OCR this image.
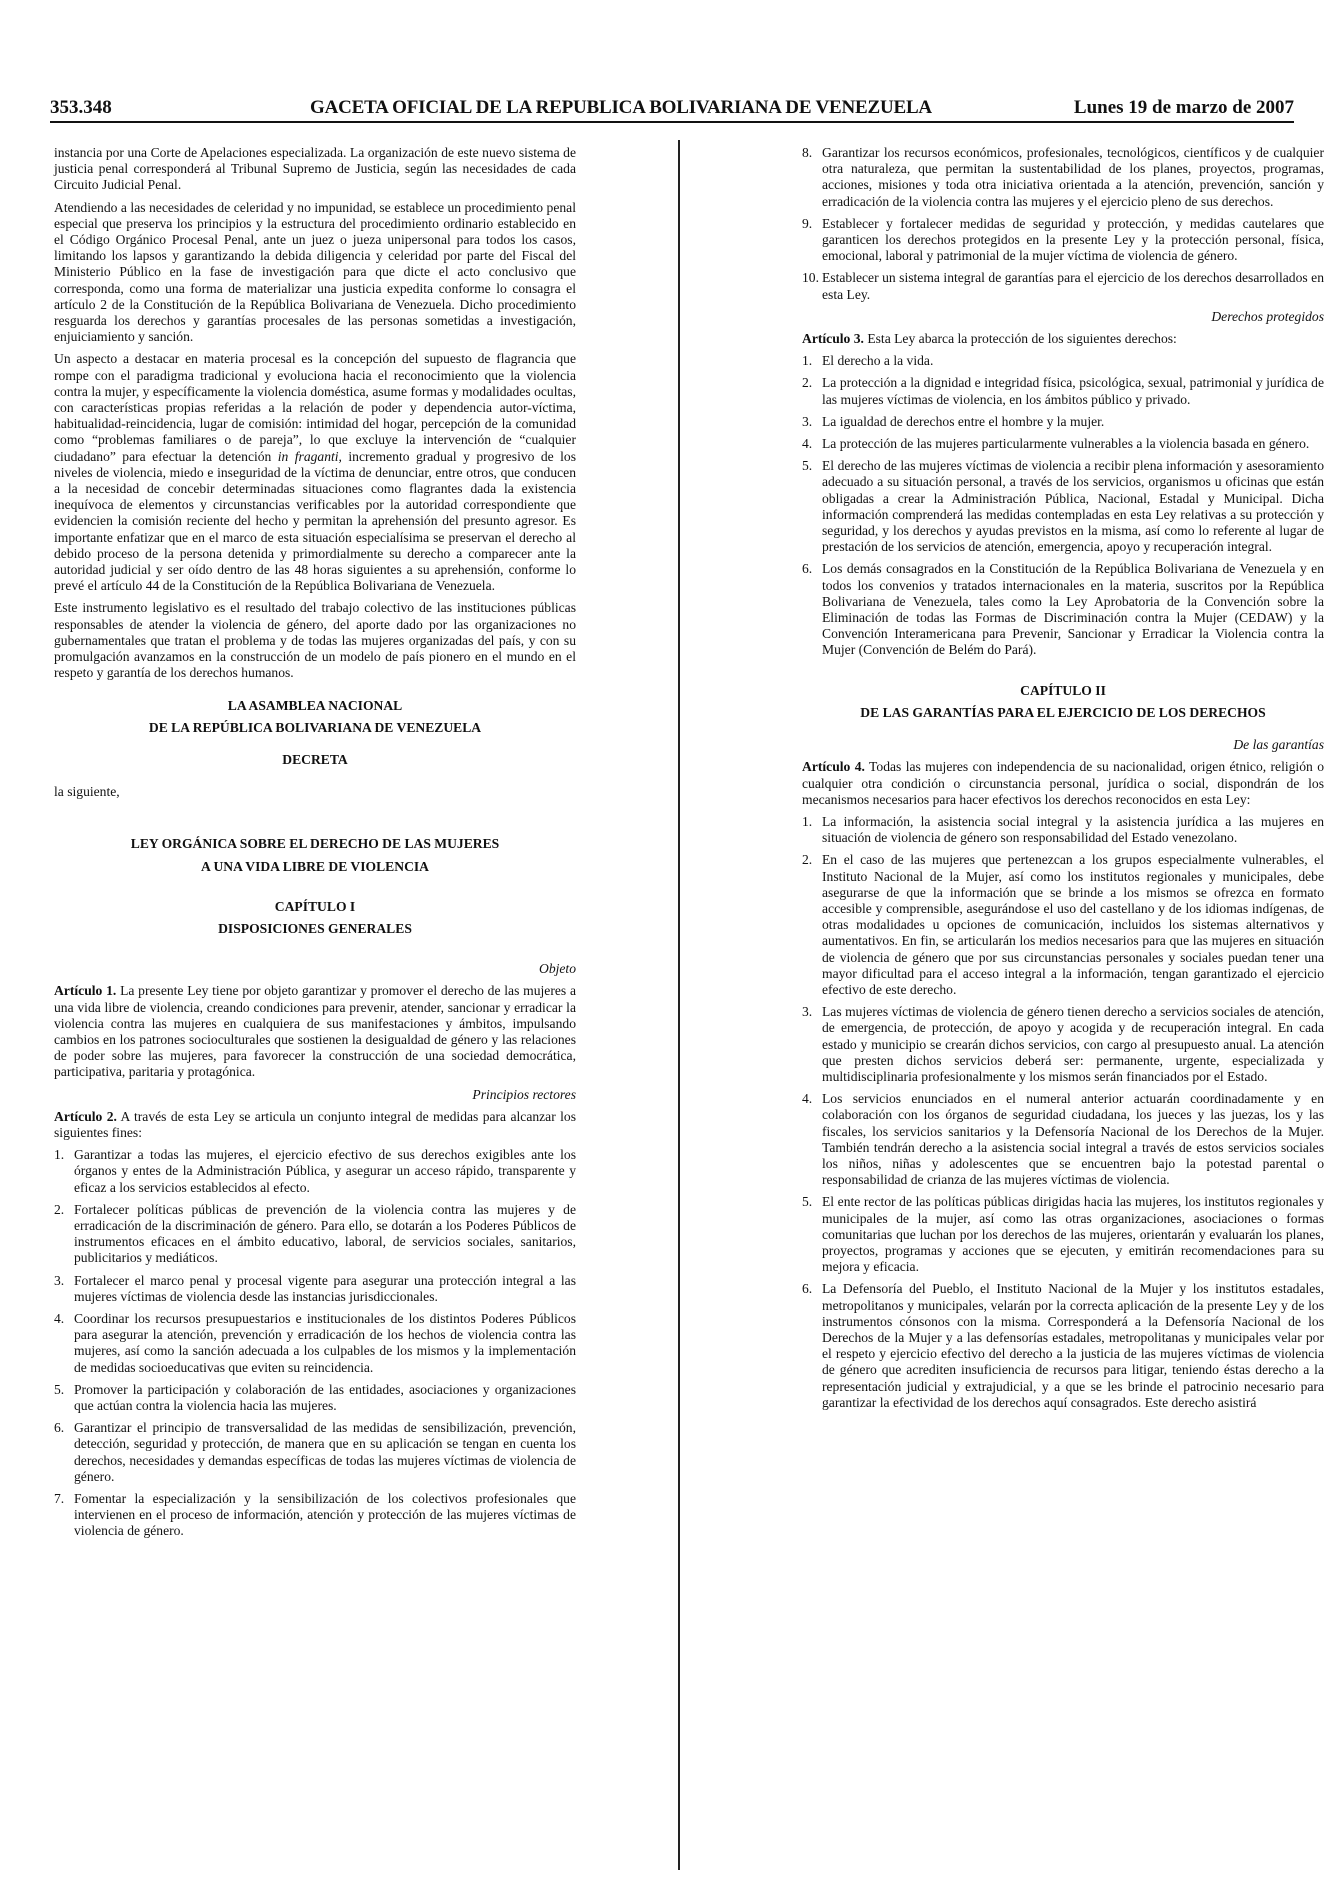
353.348	GACETA OFICIAL DE LA REPUBLICA BOLIVARIANA DE VENEZUELA	Lunes 19 de marzo de 2007

instancia por una Corte de Apelaciones especializada. La organización de este nuevo sistema de justicia penal corresponderá al Tribunal Supremo de Justicia, según las necesidades de cada Circuito Judicial Penal.

Atendiendo a las necesidades de celeridad y no impunidad, se establece un procedimiento penal especial que preserva los principios y la estructura del procedimiento ordinario establecido en el Código Orgánico Procesal Penal, ante un juez o jueza unipersonal para todos los casos, limitando los lapsos y garantizando la debida diligencia y celeridad por parte del Fiscal del Ministerio Público en la fase de investigación para que dicte el acto conclusivo que corresponda, como una forma de materializar una justicia expedita conforme lo consagra el artículo 2 de la Constitución de la República Bolivariana de Venezuela. Dicho procedimiento resguarda los derechos y garantías procesales de las personas sometidas a investigación, enjuiciamiento y sanción.

Un aspecto a destacar en materia procesal es la concepción del supuesto de flagrancia que rompe con el paradigma tradicional y evoluciona hacia el reconocimiento que la violencia contra la mujer, y específicamente la violencia doméstica, asume formas y modalidades ocultas, con características propias referidas a la relación de poder y dependencia autor-víctima, habitualidad-reincidencia, lugar de comisión: intimidad del hogar, percepción de la comunidad como “problemas familiares o de pareja”, lo que excluye la intervención de “cualquier ciudadano” para efectuar la detención in fraganti, incremento gradual y progresivo de los niveles de violencia, miedo e inseguridad de la víctima de denunciar, entre otros, que conducen a la necesidad de concebir determinadas situaciones como flagrantes dada la existencia inequívoca de elementos y circunstancias verificables por la autoridad correspondiente que evidencien la comisión reciente del hecho y permitan la aprehensión del presunto agresor. Es importante enfatizar que en el marco de esta situación especialísima se preservan el derecho al debido proceso de la persona detenida y primordialmente su derecho a comparecer ante la autoridad judicial y ser oído dentro de las 48 horas siguientes a su aprehensión, conforme lo prevé el artículo 44 de la Constitución de la República Bolivariana de Venezuela.

Este instrumento legislativo es el resultado del trabajo colectivo de las instituciones públicas responsables de atender la violencia de género, del aporte dado por las organizaciones no gubernamentales que tratan el problema y de todas las mujeres organizadas del país, y con su promulgación avanzamos en la construcción de un modelo de país pionero en el mundo en el respeto y garantía de los derechos humanos.

LA ASAMBLEA NACIONAL

DE LA REPÚBLICA BOLIVARIANA DE VENEZUELA

DECRETA

la siguiente,

LEY ORGÁNICA SOBRE EL DERECHO DE LAS MUJERES

A UNA VIDA LIBRE DE VIOLENCIA

CAPÍTULO I

DISPOSICIONES GENERALES

Objeto

Artículo 1. La presente Ley tiene por objeto garantizar y promover el derecho de las mujeres a una vida libre de violencia, creando condiciones para prevenir, atender, sancionar y erradicar la violencia contra las mujeres en cualquiera de sus manifestaciones y ámbitos, impulsando cambios en los patrones socioculturales que sostienen la desigualdad de género y las relaciones de poder sobre las mujeres, para favorecer la construcción de una sociedad democrática, participativa, paritaria y protagónica.

Principios rectores

Artículo 2. A través de esta Ley se articula un conjunto integral de medidas para alcanzar los siguientes fines:

1. Garantizar a todas las mujeres, el ejercicio efectivo de sus derechos exigibles ante los órganos y entes de la Administración Pública, y asegurar un acceso rápido, transparente y eficaz a los servicios establecidos al efecto.
2. Fortalecer políticas públicas de prevención de la violencia contra las mujeres y de erradicación de la discriminación de género. Para ello, se dotarán a los Poderes Públicos de instrumentos eficaces en el ámbito educativo, laboral, de servicios sociales, sanitarios, publicitarios y mediáticos.
3. Fortalecer el marco penal y procesal vigente para asegurar una protección integral a las mujeres víctimas de violencia desde las instancias jurisdiccionales.
4. Coordinar los recursos presupuestarios e institucionales de los distintos Poderes Públicos para asegurar la atención, prevención y erradicación de los hechos de violencia contra las mujeres, así como la sanción adecuada a los culpables de los mismos y la implementación de medidas socioeducativas que eviten su reincidencia.
5. Promover la participación y colaboración de las entidades, asociaciones y organizaciones que actúan contra la violencia hacia las mujeres.
6. Garantizar el principio de transversalidad de las medidas de sensibilización, prevención, detección, seguridad y protección, de manera que en su aplicación se tengan en cuenta los derechos, necesidades y demandas específicas de todas las mujeres víctimas de violencia de género.
7. Fomentar la especialización y la sensibilización de los colectivos profesionales que intervienen en el proceso de información, atención y protección de las mujeres víctimas de violencia de género.
8. Garantizar los recursos económicos, profesionales, tecnológicos, científicos y de cualquier otra naturaleza, que permitan la sustentabilidad de los planes, proyectos, programas, acciones, misiones y toda otra iniciativa orientada a la atención, prevención, sanción y erradicación de la violencia contra las mujeres y el ejercicio pleno de sus derechos.
9. Establecer y fortalecer medidas de seguridad y protección, y medidas cautelares que garanticen los derechos protegidos en la presente Ley y la protección personal, física, emocional, laboral y patrimonial de la mujer víctima de violencia de género.
10. Establecer un sistema integral de garantías para el ejercicio de los derechos desarrollados en esta Ley.

Derechos protegidos

Artículo 3. Esta Ley abarca la protección de los siguientes derechos:

1. El derecho a la vida.
2. La protección a la dignidad e integridad física, psicológica, sexual, patrimonial y jurídica de las mujeres víctimas de violencia, en los ámbitos público y privado.
3. La igualdad de derechos entre el hombre y la mujer.
4. La protección de las mujeres particularmente vulnerables a la violencia basada en género.
5. El derecho de las mujeres víctimas de violencia a recibir plena información y asesoramiento adecuado a su situación personal, a través de los servicios, organismos u oficinas que están obligadas a crear la Administración Pública, Nacional, Estadal y Municipal. Dicha información comprenderá las medidas contempladas en esta Ley relativas a su protección y seguridad, y los derechos y ayudas previstos en la misma, así como lo referente al lugar de prestación de los servicios de atención, emergencia, apoyo y recuperación integral.
6. Los demás consagrados en la Constitución de la República Bolivariana de Venezuela y en todos los convenios y tratados internacionales en la materia, suscritos por la República Bolivariana de Venezuela, tales como la Ley Aprobatoria de la Convención sobre la Eliminación de todas las Formas de Discriminación contra la Mujer (CEDAW) y la Convención Interamericana para Prevenir, Sancionar y Erradicar la Violencia contra la Mujer (Convención de Belém do Pará).

CAPÍTULO II

DE LAS GARANTÍAS PARA EL EJERCICIO DE LOS DERECHOS

De las garantías

Artículo 4. Todas las mujeres con independencia de su nacionalidad, origen étnico, religión o cualquier otra condición o circunstancia personal, jurídica o social, dispondrán de los mecanismos necesarios para hacer efectivos los derechos reconocidos en esta Ley:

1. La información, la asistencia social integral y la asistencia jurídica a las mujeres en situación de violencia de género son responsabilidad del Estado venezolano.
2. En el caso de las mujeres que pertenezcan a los grupos especialmente vulnerables, el Instituto Nacional de la Mujer, así como los institutos regionales y municipales, debe asegurarse de que la información que se brinde a los mismos se ofrezca en formato accesible y comprensible, asegurándose el uso del castellano y de los idiomas indígenas, de otras modalidades u opciones de comunicación, incluidos los sistemas alternativos y aumentativos. En fin, se articularán los medios necesarios para que las mujeres en situación de violencia de género que por sus circunstancias personales y sociales puedan tener una mayor dificultad para el acceso integral a la información, tengan garantizado el ejercicio efectivo de este derecho.
3. Las mujeres víctimas de violencia de género tienen derecho a servicios sociales de atención, de emergencia, de protección, de apoyo y acogida y de recuperación integral. En cada estado y municipio se crearán dichos servicios, con cargo al presupuesto anual. La atención que presten dichos servicios deberá ser: permanente, urgente, especializada y multidisciplinaria profesionalmente y los mismos serán financiados por el Estado.
4. Los servicios enunciados en el numeral anterior actuarán coordinadamente y en colaboración con los órganos de seguridad ciudadana, los jueces y las juezas, los y las fiscales, los servicios sanitarios y la Defensoría Nacional de los Derechos de la Mujer. También tendrán derecho a la asistencia social integral a través de estos servicios sociales los niños, niñas y adolescentes que se encuentren bajo la potestad parental o responsabilidad de crianza de las mujeres víctimas de violencia.
5. El ente rector de las políticas públicas dirigidas hacia las mujeres, los institutos regionales y municipales de la mujer, así como las otras organizaciones, asociaciones o formas comunitarias que luchan por los derechos de las mujeres, orientarán y evaluarán los planes, proyectos, programas y acciones que se ejecuten, y emitirán recomendaciones para su mejora y eficacia.
6. La Defensoría del Pueblo, el Instituto Nacional de la Mujer y los institutos estadales, metropolitanos y municipales, velarán por la correcta aplicación de la presente Ley y de los instrumentos cónsonos con la misma. Corresponderá a la Defensoría Nacional de los Derechos de la Mujer y a las defensorías estadales, metropolitanas y municipales velar por el respeto y ejercicio efectivo del derecho a la justicia de las mujeres víctimas de violencia de género que acrediten insuficiencia de recursos para litigar, teniendo éstas derecho a la representación judicial y extrajudicial, y a que se les brinde el patrocinio necesario para garantizar la efectividad de los derechos aquí consagrados. Este derecho asistirá
